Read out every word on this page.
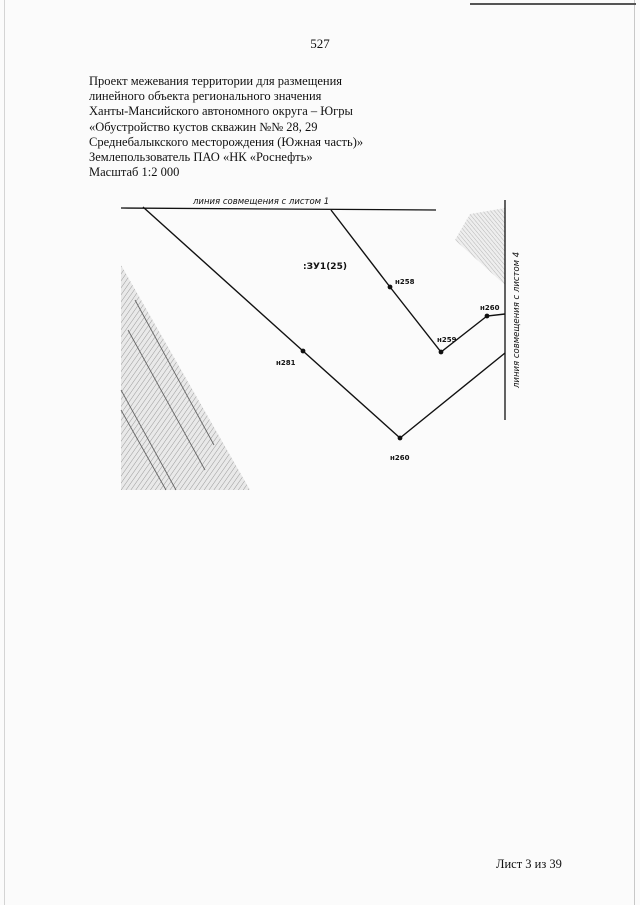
527
Проект межевания территории для размещения
линейного объекта регионального значения
Ханты-Мансийского автономного округа – Югры
«Обустройство кустов скважин №№ 28, 29
Среднебалыкского месторождения (Южная часть)»
Землепользователь ПАО «НК «Роснефть»
Масштаб 1:2 000
линия совмещения с листом 1
линия совмещения с листом 4
:ЗУ1(25)
н258
н259
н260
н281
н260
Лист 3 из 39
